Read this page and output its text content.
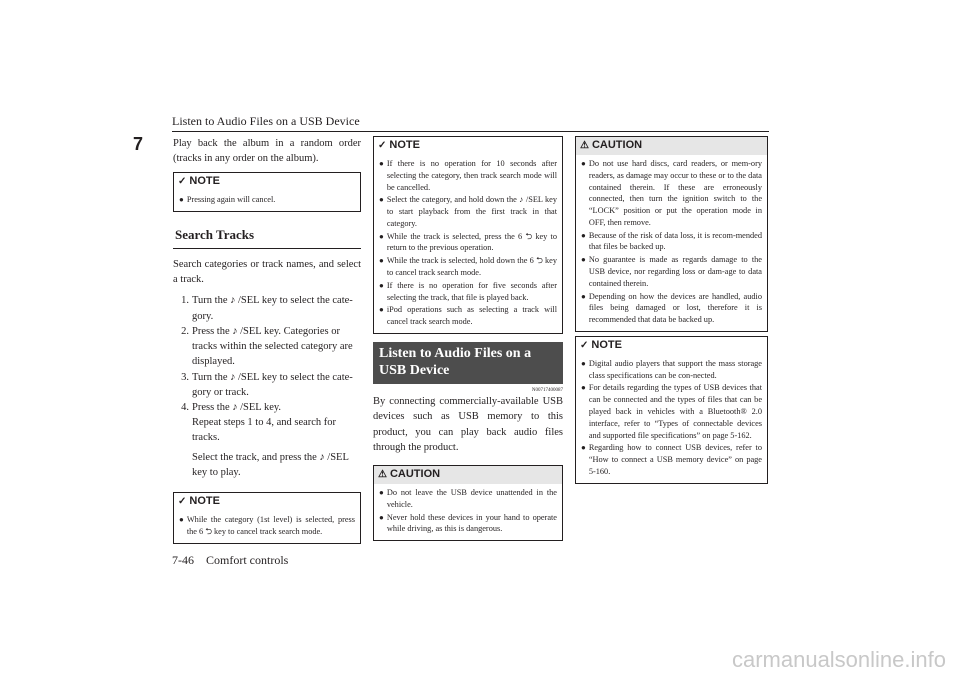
Listen to Audio Files on a USB Device
7	Play back the album in a random order (tracks in any order on the album).

✓ NOTE
● Pressing again will cancel.
Search Tracks

Search categories or track names, and select a track.

1. Turn the ♪ /SEL key to select the cate-gory.
2. Press the ♪ /SEL key. Categories or tracks within the selected category are displayed.
3. Turn the ♪ /SEL key to select the cate-gory or track.
4. Press the ♪ /SEL key.
Repeat steps 1 to 4, and search for tracks.
Select the track, and press the ♪ /SEL key to play.
✓ NOTE
● While the category (1st level) is selected, press the 6 ⮌ key to cancel track search mode.
✓ NOTE
● If there is no operation for 10 seconds after selecting the category, then track search mode will be cancelled.
● Select the category, and hold down the ♪ /SEL key to start playback from the first track in that category.
● While the track is selected, press the 6 ⮌ key to return to the previous operation.
● While the track is selected, hold down the 6 ⮌ key to cancel track search mode.
● If there is no operation for five seconds after selecting the track, that file is played back.
● iPod operations such as selecting a track will cancel track search mode.
Listen to Audio Files on a USB Device
N00717400087

By connecting commercially-available USB devices such as USB memory to this product, you can play back audio files through the product.

⚠ CAUTION
● Do not leave the USB device unattended in the vehicle.
● Never hold these devices in your hand to operate while driving, as this is dangerous.
⚠ CAUTION
● Do not use hard discs, card readers, or mem-ory readers, as damage may occur to these or to the data contained therein. If these are erroneously connected, then turn the ignition switch to the “LOCK” position or put the operation mode in OFF, then remove.
● Because of the risk of data loss, it is recom-mended that files be backed up.
● No guarantee is made as regards damage to the USB device, nor regarding loss or dam-age to data contained therein.
● Depending on how the devices are handled, audio files being damaged or lost, therefore it is recommended that data be backed up.
✓ NOTE
● Digital audio players that support the mass storage class specifications can be con-nected.
● For details regarding the types of USB devices that can be connected and the types of files that can be played back in vehicles with a Bluetooth® 2.0 interface, refer to “Types of connectable devices and supported file specifications” on page 5-162.
● Regarding how to connect USB devices, refer to “How to connect a USB memory device” on page 5-160.
7-46 Comfort controls
carmanualsonline.info
